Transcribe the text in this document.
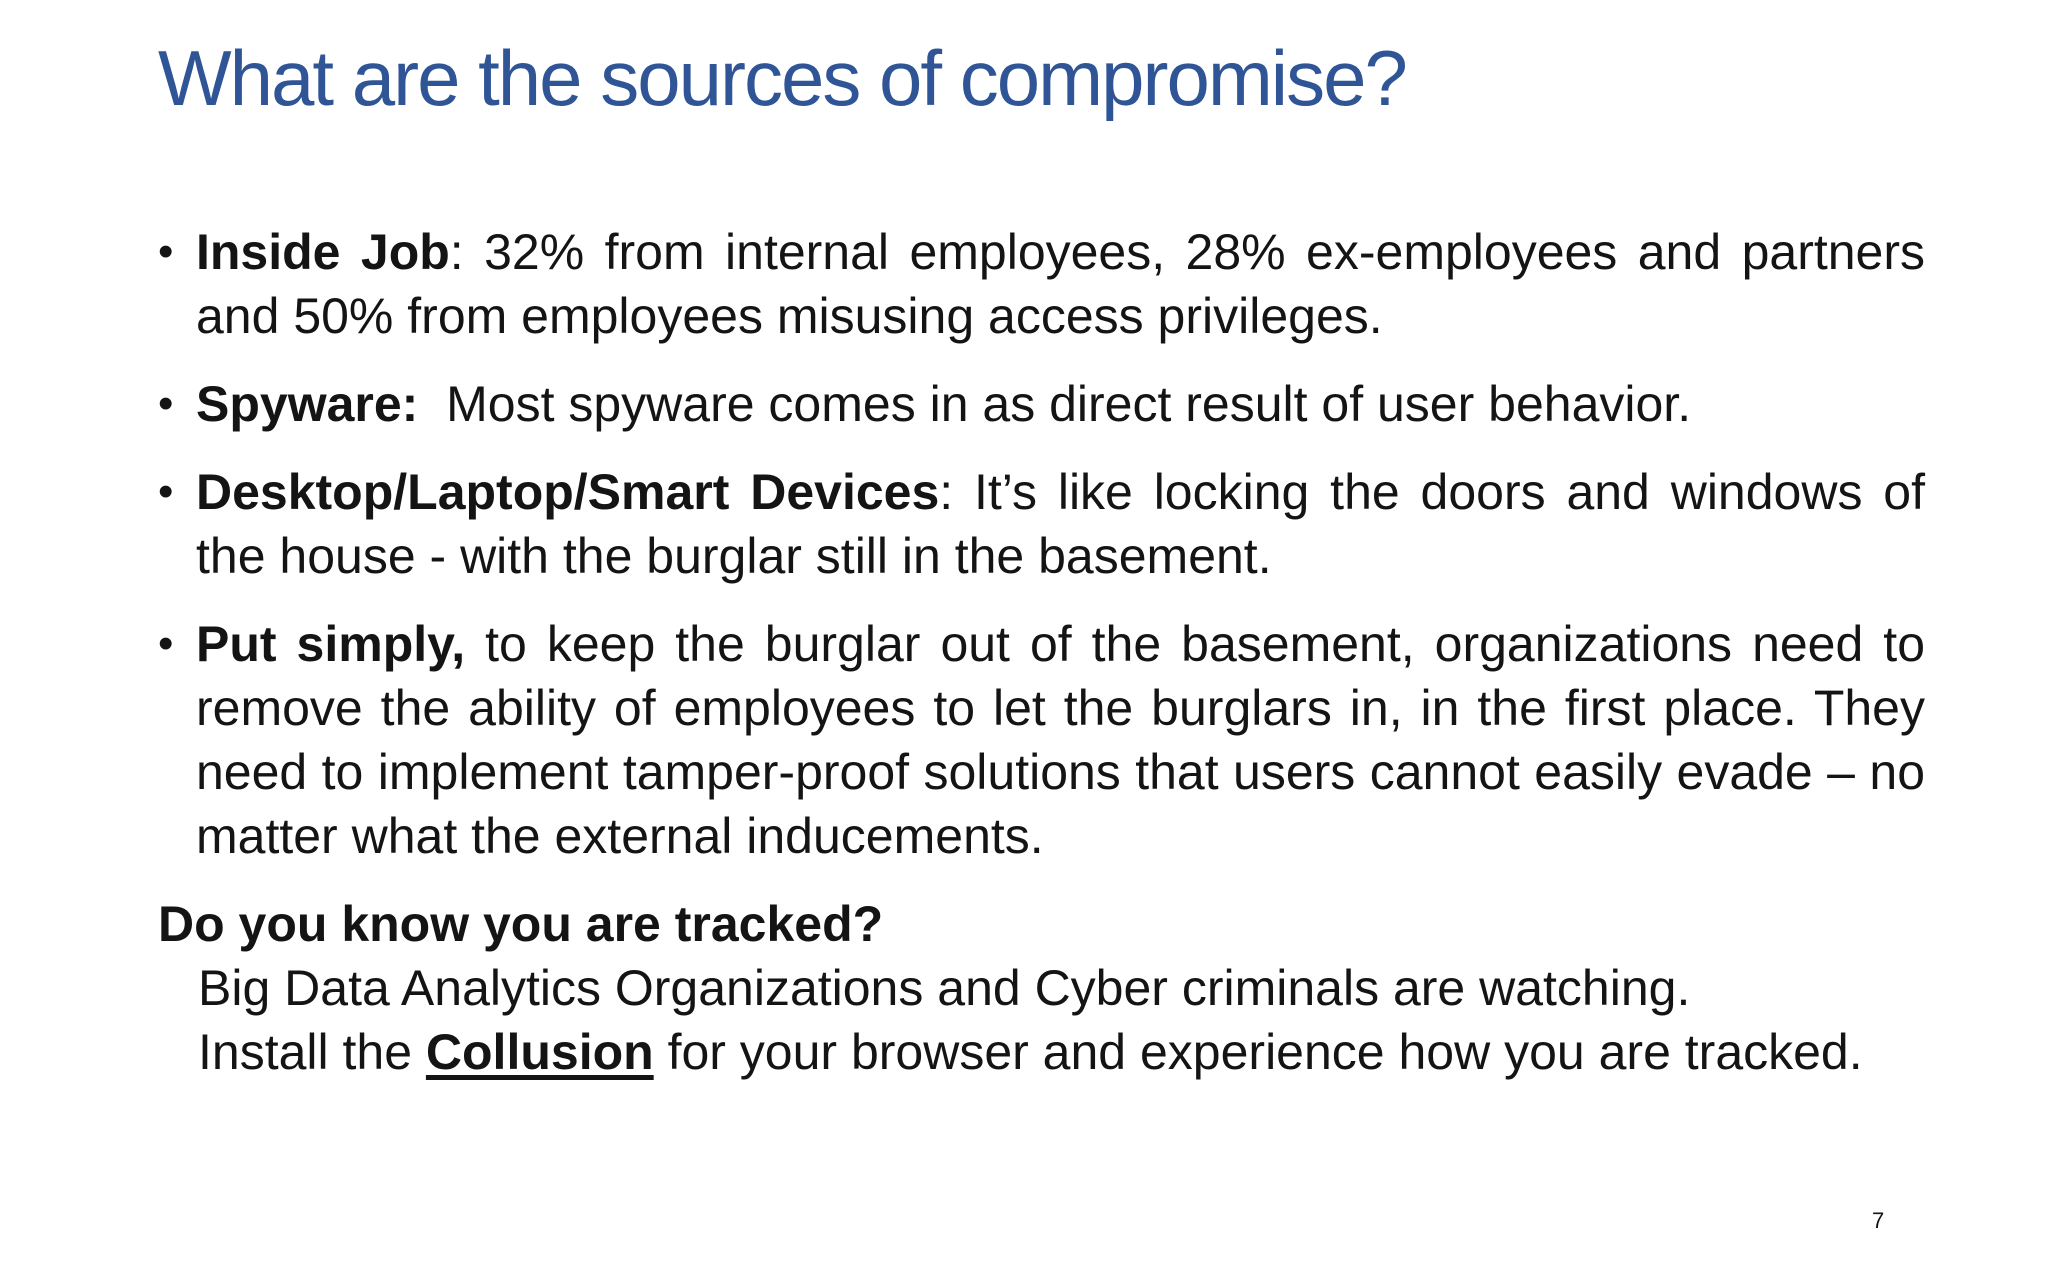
What are the sources of compromise?
• Inside Job: 32% from internal employees, 28% ex-employees and partners and 50% from employees misusing access privileges.
• Spyware:  Most spyware comes in as direct result of user behavior.
• Desktop/Laptop/Smart Devices: It’s like locking the doors and windows of the house - with the burglar still in the basement.
• Put simply, to keep the burglar out of the basement, organizations need to remove the ability of employees to let the burglars in, in the first place. They need to implement tamper-proof solutions that users cannot easily evade – no matter what the external inducements.
Do you know you are tracked?
Big Data Analytics Organizations and Cyber criminals are watching.
Install the Collusion for your browser and experience how you are tracked.
7
